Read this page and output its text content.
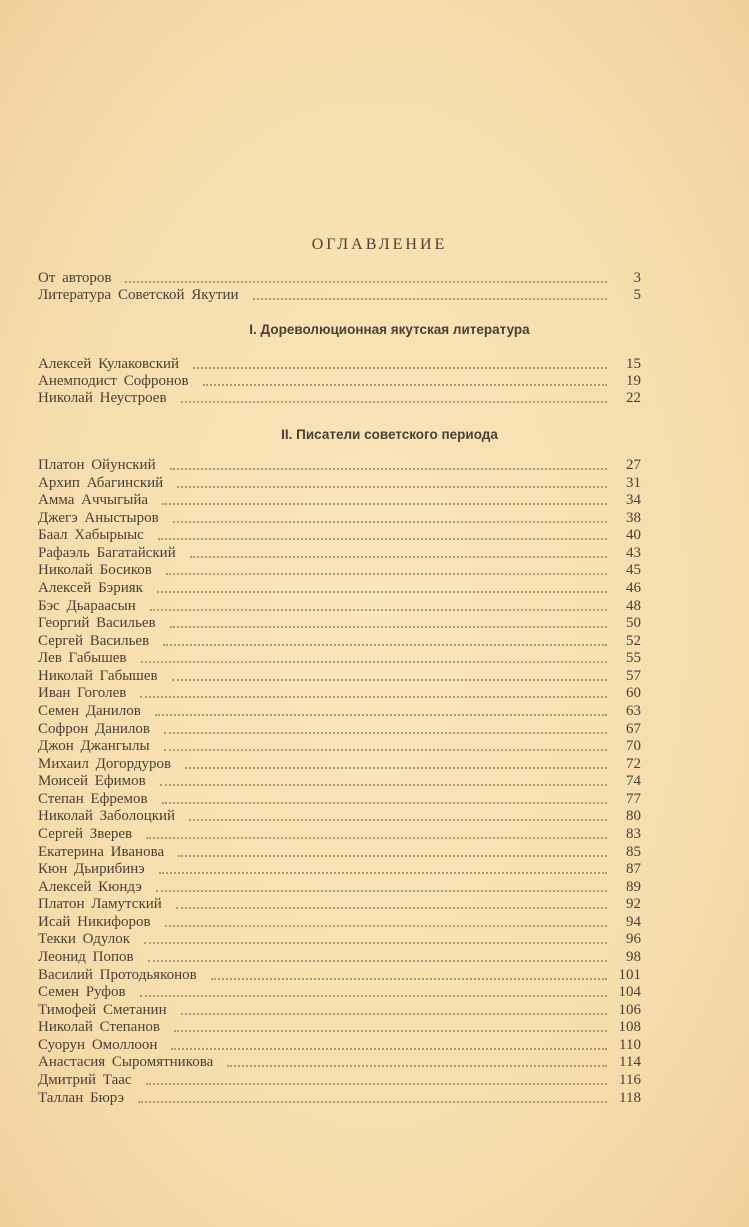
ОГЛАВЛЕНИЕ
От авторов	3
Литература Советской Якутии	5
I. Дореволюционная якутская литература
Алексей Кулаковский	15
Анемподист Софронов	19
Николай Неустроев	22
II. Писатели советского периода
Платон Ойунский	27
Архип Абагинский	31
Амма Аччыгыйа	34
Джегэ Аныстыров	38
Баал Хабырыыс	40
Рафаэль Багатайский	43
Николай Босиков	45
Алексей Бэрияк	46
Бэс Дьараасын	48
Георгий Васильев	50
Сергей Васильев	52
Лев Габышев	55
Николай Габышев	57
Иван Гоголев	60
Семен Данилов	63
Софрон Данилов	67
Джон Джангылы	70
Михаил Догордуров	72
Моисей Ефимов	74
Степан Ефремов	77
Николай Заболоцкий	80
Сергей Зверев	83
Екатерина Иванова	85
Кюн Дьирибинэ	87
Алексей Кюндэ	89
Платон Ламутский	92
Исай Никифоров	94
Текки Одулок	96
Леонид Попов	98
Василий Протодьяконов	101
Семен Руфов	104
Тимофей Сметанин	106
Николай Степанов	108
Суорун Омоллоон	110
Анастасия Сыромятникова	114
Дмитрий Таас	116
Таллан Бюрэ	118
